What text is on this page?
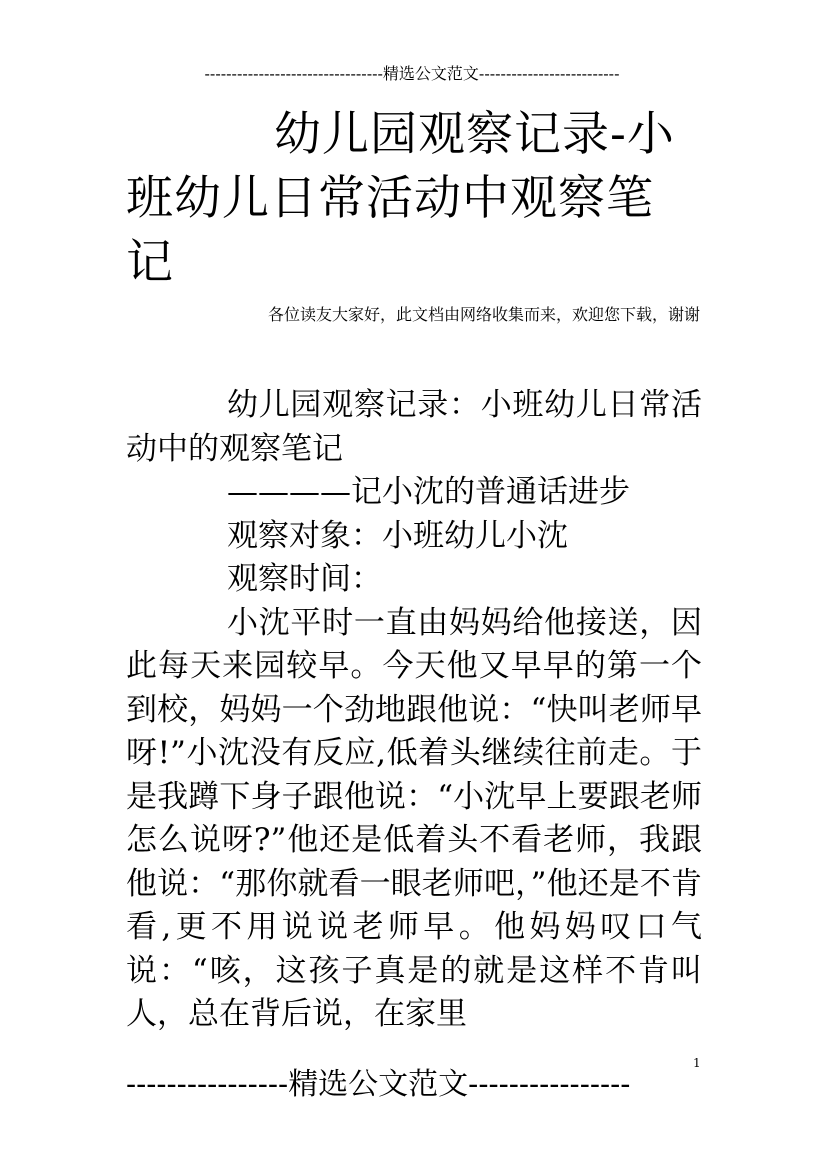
---------------------------------精选公文范文--------------------------
幼儿园观察记录-小
班幼儿日常活动中观察笔
记
各位读友大家好，此文档由网络收集而来，欢迎您下载，谢谢

幼儿园观察记录：小班幼儿日常活动中的观察笔记

————记小沈的普通话进步

观察对象：小班幼儿小沈

观察时间：

小沈平时一直由妈妈给他接送，因此每天来园较早。今天他又早早的第一个到校，妈妈一个劲地跟他说：“快叫老师早呀!”小沈没有反应,低着头继续往前走。于是我蹲下身子跟他说：“小沈早上要跟老师怎么说呀?”他还是低着头不看老师，我跟他说：“那你就看一眼老师吧，”他还是不肯看,更不用说说老师早。他妈妈叹口气说：“咳，这孩子真是的就是这样不肯叫人，总在背后说，在家里

1
----------------精选公文范文----------------
